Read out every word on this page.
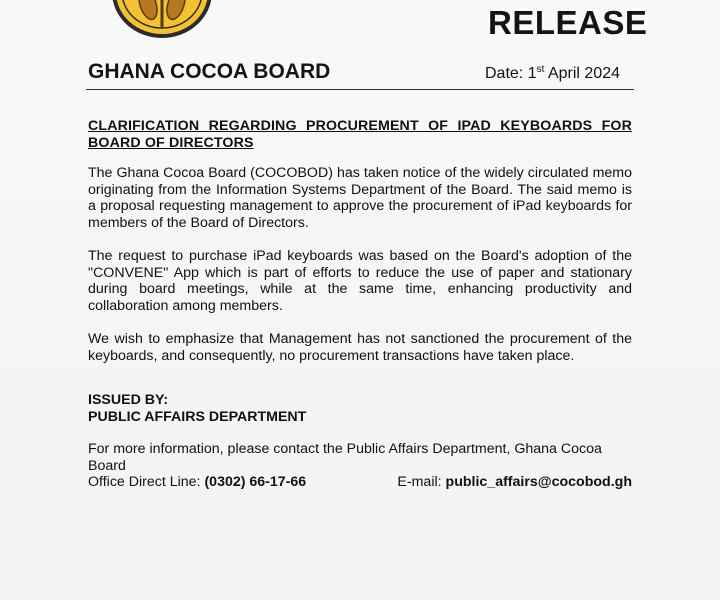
RELEASE
GHANA COCOA BOARD	Date: 1st April 2024
CLARIFICATION REGARDING PROCUREMENT OF IPAD KEYBOARDS FOR BOARD OF DIRECTORS

The Ghana Cocoa Board (COCOBOD) has taken notice of the widely circulated memo originating from the Information Systems Department of the Board. The said memo is a proposal requesting management to approve the procurement of iPad keyboards for members of the Board of Directors.

The request to purchase iPad keyboards was based on the Board's adoption of the "CONVENE" App which is part of efforts to reduce the use of paper and stationary during board meetings, while at the same time, enhancing productivity and collaboration among members.

We wish to emphasize that Management has not sanctioned the procurement of the keyboards, and consequently, no procurement transactions have taken place.

ISSUED BY:
PUBLIC AFFAIRS DEPARTMENT
For more information, please contact the Public Affairs Department, Ghana Cocoa Board
Office Direct Line: (0302) 66-17-66	E-mail: public_affairs@cocobod.gh
